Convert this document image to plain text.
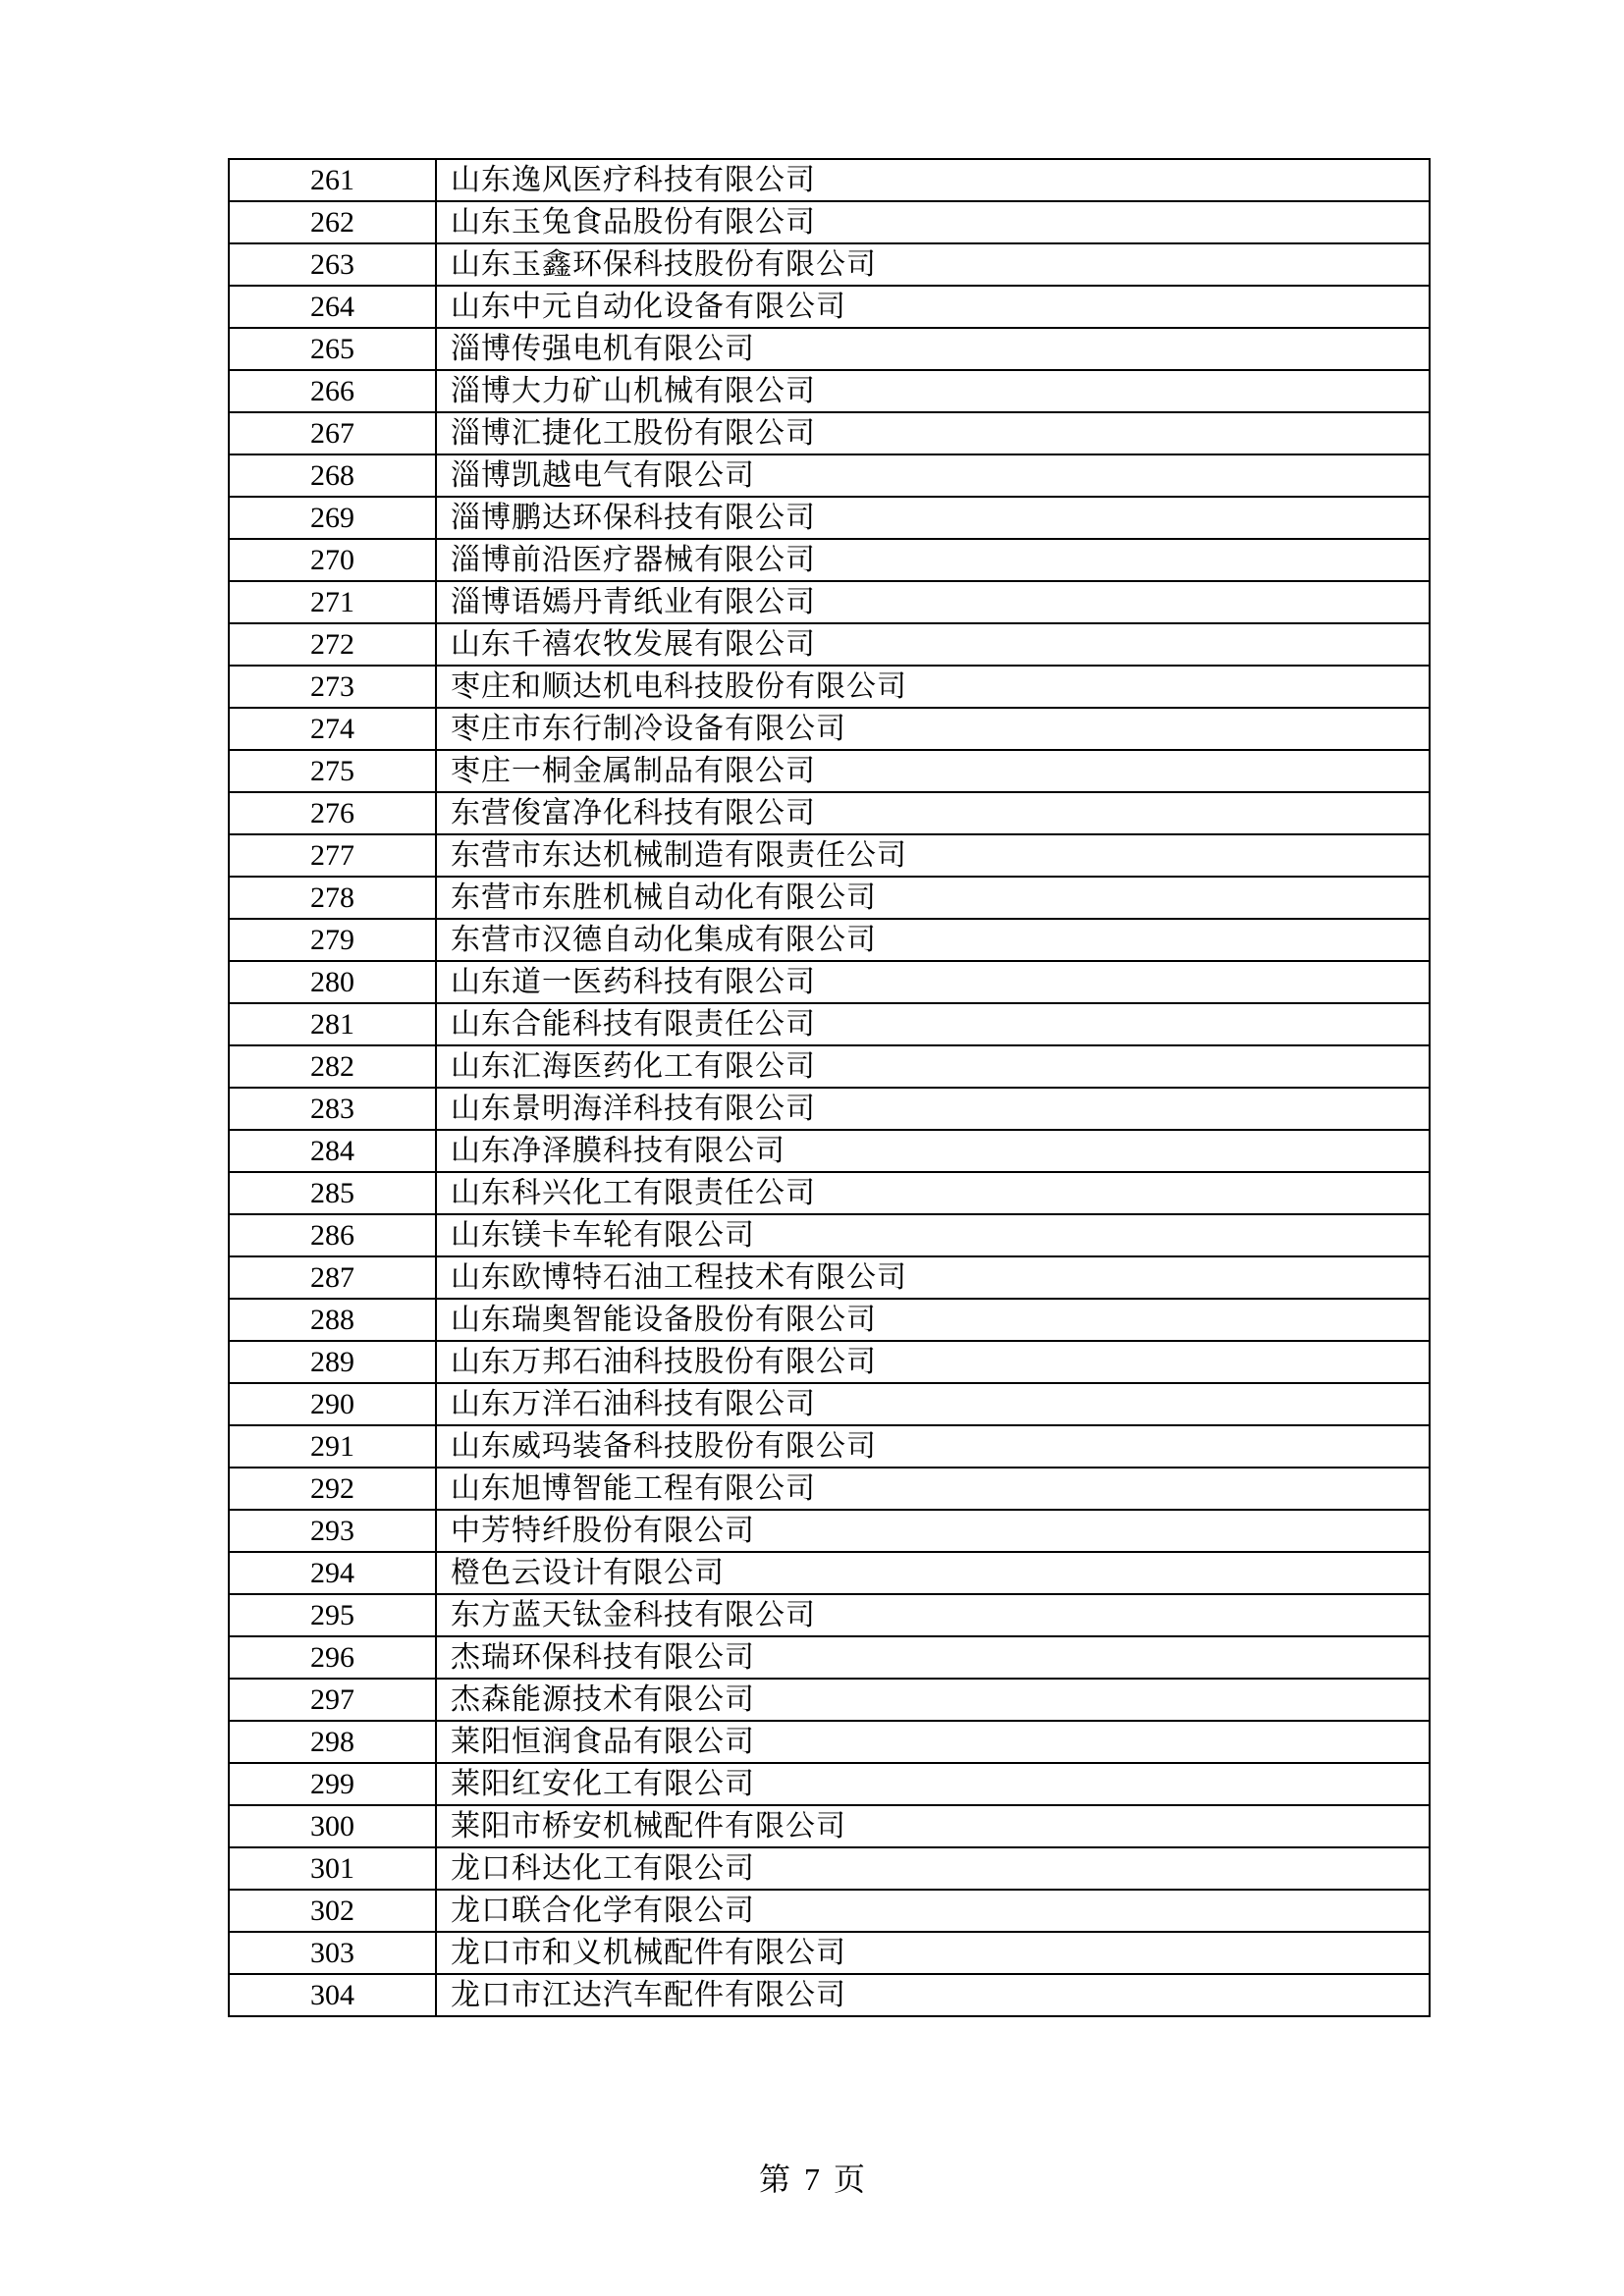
261	山东逸风医疗科技有限公司
262	山东玉兔食品股份有限公司
263	山东玉鑫环保科技股份有限公司
264	山东中元自动化设备有限公司
265	淄博传强电机有限公司
266	淄博大力矿山机械有限公司
267	淄博汇捷化工股份有限公司
268	淄博凯越电气有限公司
269	淄博鹏达环保科技有限公司
270	淄博前沿医疗器械有限公司
271	淄博语嫣丹青纸业有限公司
272	山东千禧农牧发展有限公司
273	枣庄和顺达机电科技股份有限公司
274	枣庄市东行制冷设备有限公司
275	枣庄一桐金属制品有限公司
276	东营俊富净化科技有限公司
277	东营市东达机械制造有限责任公司
278	东营市东胜机械自动化有限公司
279	东营市汉德自动化集成有限公司
280	山东道一医药科技有限公司
281	山东合能科技有限责任公司
282	山东汇海医药化工有限公司
283	山东景明海洋科技有限公司
284	山东净泽膜科技有限公司
285	山东科兴化工有限责任公司
286	山东镁卡车轮有限公司
287	山东欧博特石油工程技术有限公司
288	山东瑞奥智能设备股份有限公司
289	山东万邦石油科技股份有限公司
290	山东万洋石油科技有限公司
291	山东威玛装备科技股份有限公司
292	山东旭博智能工程有限公司
293	中芳特纤股份有限公司
294	橙色云设计有限公司
295	东方蓝天钛金科技有限公司
296	杰瑞环保科技有限公司
297	杰森能源技术有限公司
298	莱阳恒润食品有限公司
299	莱阳红安化工有限公司
300	莱阳市桥安机械配件有限公司
301	龙口科达化工有限公司
302	龙口联合化学有限公司
303	龙口市和义机械配件有限公司
304	龙口市江达汽车配件有限公司
第 7 页
